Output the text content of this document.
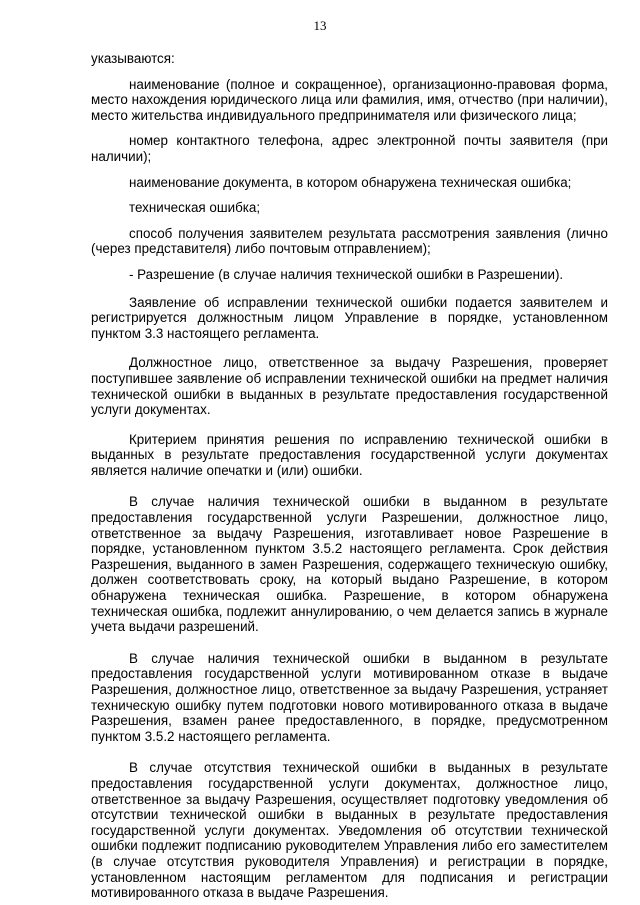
13

указываются:

наименование (полное и сокращенное), организационно-правовая форма, место нахождения юридического лица или фамилия, имя, отчество (при наличии), место жительства индивидуального предпринимателя или физического лица;

номер контактного телефона, адрес электронной почты заявителя (при наличии);

наименование документа, в котором обнаружена техническая ошибка;

техническая ошибка;

способ получения заявителем результата рассмотрения заявления (лично (через представителя) либо почтовым отправлением);

- Разрешение (в случае наличия технической ошибки в Разрешении).

Заявление об исправлении технической ошибки подается заявителем и регистрируется должностным лицом Управление в порядке, установленном пунктом 3.3 настоящего регламента.

Должностное лицо, ответственное за выдачу Разрешения, проверяет поступившее заявление об исправлении технической ошибки на предмет наличия технической ошибки в выданных в результате предоставления государственной услуги документах.

Критерием принятия решения по исправлению технической ошибки в выданных в результате предоставления государственной услуги документах является наличие опечатки и (или) ошибки.

В случае наличия технической ошибки в выданном в результате предоставления государственной услуги Разрешении, должностное лицо, ответственное за выдачу Разрешения, изготавливает новое Разрешение в порядке, установленном пунктом 3.5.2 настоящего регламента. Срок действия Разрешения, выданного в замен Разрешения, содержащего техническую ошибку, должен соответствовать сроку, на который выдано Разрешение, в котором обнаружена техническая ошибка. Разрешение, в котором обнаружена техническая ошибка, подлежит аннулированию, о чем делается запись в журнале учета выдачи разрешений.

В случае наличия технической ошибки в выданном в результате предоставления государственной услуги мотивированном отказе в выдаче Разрешения, должностное лицо, ответственное за выдачу Разрешения, устраняет техническую ошибку путем подготовки нового мотивированного отказа в выдаче Разрешения, взамен ранее предоставленного, в порядке, предусмотренном пунктом 3.5.2 настоящего регламента.

В случае отсутствия технической ошибки в выданных в результате предоставления государственной услуги документах, должностное лицо, ответственное за выдачу Разрешения, осуществляет подготовку уведомления об отсутствии технической ошибки в выданных в результате предоставления государственной услуги документах. Уведомления об отсутствии технической ошибки подлежит подписанию руководителем Управления либо его заместителем (в случае отсутствия руководителя Управления) и регистрации в порядке, установленном настоящим регламентом для подписания и регистрации мотивированного отказа в выдаче Разрешения.
